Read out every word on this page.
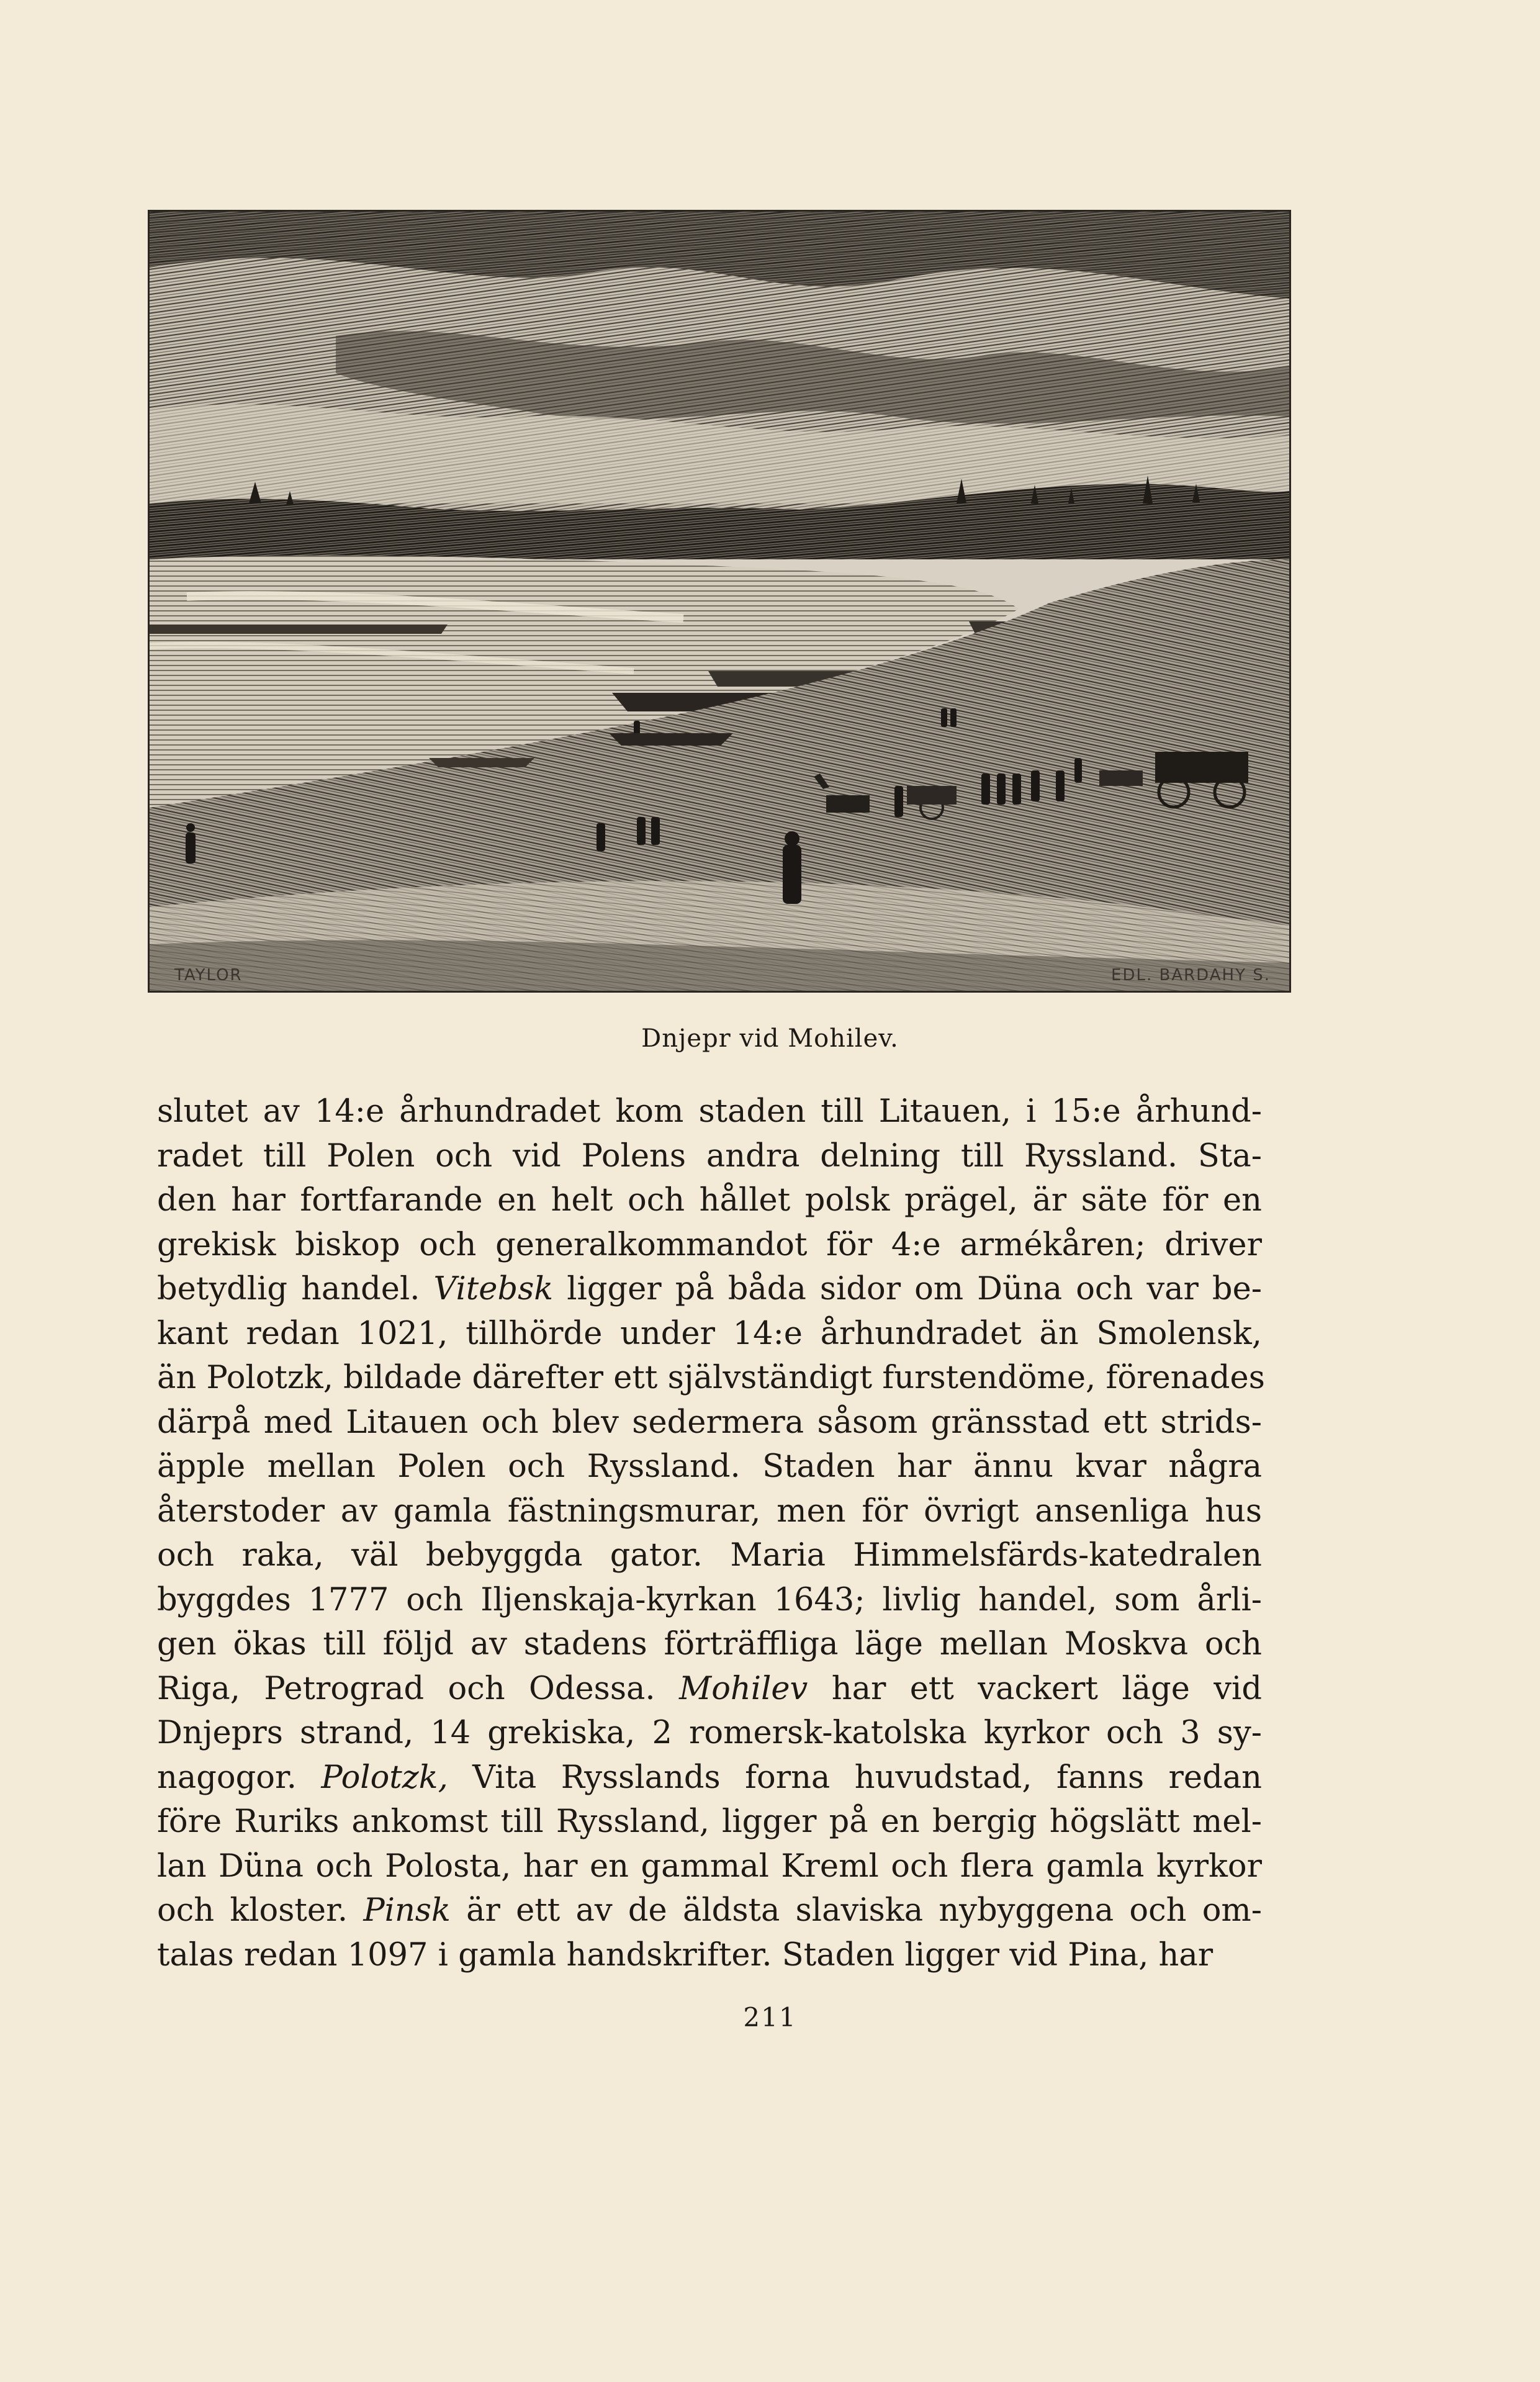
TAYLOR	EDL. BARDAHY S.
Dnjepr vid Mohilev.
slutet av 14:e århundradet kom staden till Litauen, i 15:e århund-
radet till Polen och vid Polens andra delning till Ryssland. Sta-
den har fortfarande en helt och hållet polsk prägel, är säte för en
grekisk biskop och generalkommandot för 4:e armékåren; driver
betydlig handel. Vitebsk ligger på båda sidor om Düna och var be-
kant redan 1021, tillhörde under 14:e århundradet än Smolensk,
än Polotzk, bildade därefter ett självständigt furstendöme, förenades
därpå med Litauen och blev sedermera såsom gränsstad ett strids-
äpple mellan Polen och Ryssland. Staden har ännu kvar några
återstoder av gamla fästningsmurar, men för övrigt ansenliga hus
och raka, väl bebyggda gator. Maria Himmelsfärds-katedralen
byggdes 1777 och Iljenskaja-kyrkan 1643; livlig handel, som årli-
gen ökas till följd av stadens förträffliga läge mellan Moskva och
Riga, Petrograd och Odessa. Mohilev har ett vackert läge vid
Dnjeprs strand, 14 grekiska, 2 romersk-katolska kyrkor och 3 sy-
nagogor. Polotzk, Vita Rysslands forna huvudstad, fanns redan
före Ruriks ankomst till Ryssland, ligger på en bergig högslätt mel-
lan Düna och Polosta, har en gammal Kreml och flera gamla kyrkor
och kloster. Pinsk är ett av de äldsta slaviska nybyggena och om-
talas redan 1097 i gamla handskrifter. Staden ligger vid Pina, har
211
